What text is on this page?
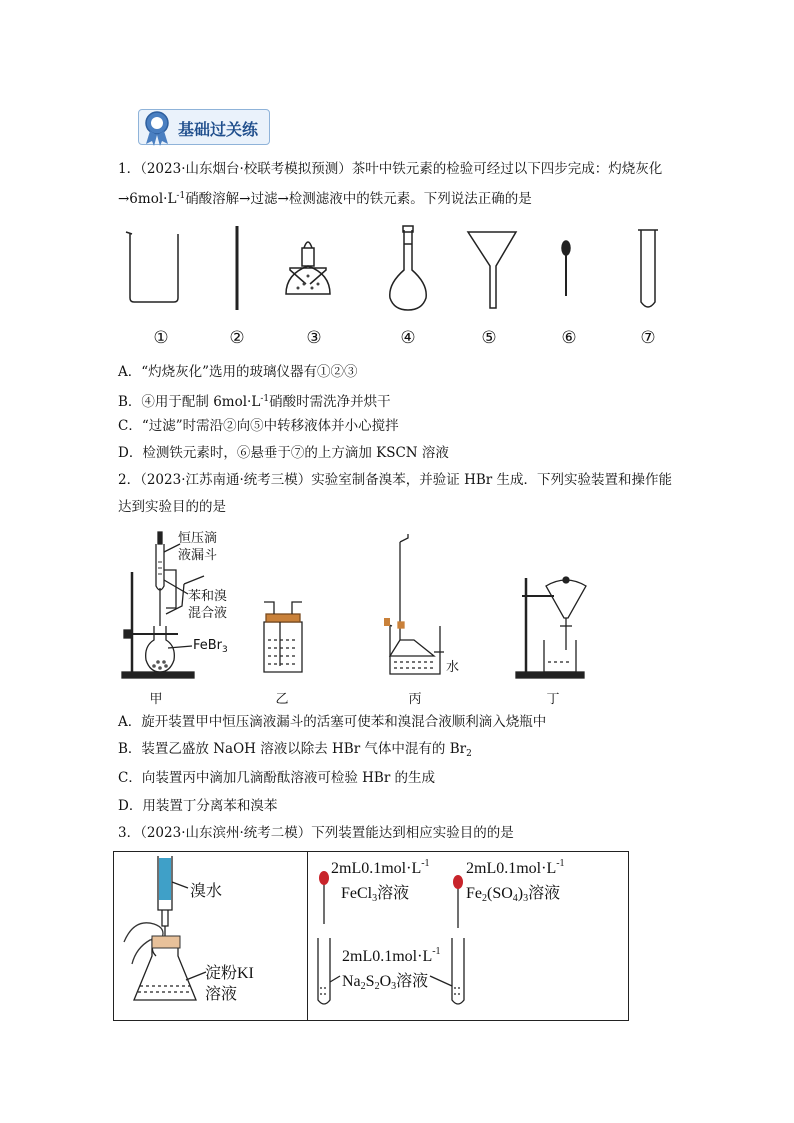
基础过关练
1．（2023·山东烟台·校联考模拟预测）茶叶中铁元素的检验可经过以下四步完成：灼烧灰化
$\to 6mol\cdot L^{-1}$硝酸溶解→过滤→检测滤液中的铁元素。下列说法正确的是
①	②	③	④	⑤	⑥	⑦
A．“灼烧灰化”选用的玻璃仪器有①②③
B．④用于配制 $6mol\cdot L^{-1}$硝酸时需洗净并烘干
C．“过滤”时需沿②向⑤中转移液体并小心搅拌
D．检测铁元素时，⑥悬垂于⑦的上方滴加 KSCN 溶液
2．（2023·江苏南通·统考三模）实验室制备溴苯，并验证 HBr 生成．下列实验装置和操作能
达到实验目的的是
恒压滴
液漏斗
苯和溴
混合液
FeBr$_3$
水
甲	乙	丙	丁
A．旋开装置甲中恒压滴液漏斗的活塞可使苯和溴混合液顺利滴入烧瓶中
B．装置乙盛放 NaOH 溶液以除去 HBr 气体中混有的 $Br_2$
C．向装置丙中滴加几滴酚酞溶液可检验 HBr 的生成
D．用装置丁分离苯和溴苯
3．（2023·山东滨州·统考二模）下列装置能达到相应实验目的的是
溴水
淀粉KI
溶液
$2mL0.1mol\cdot L^{-1}$
FeCl3溶液
$2mL0.1mol\cdot L^{-1}$
Fe2(SO4)3溶液
$2mL0.1mol\cdot L^{-1}$
Na2S2O3溶液
